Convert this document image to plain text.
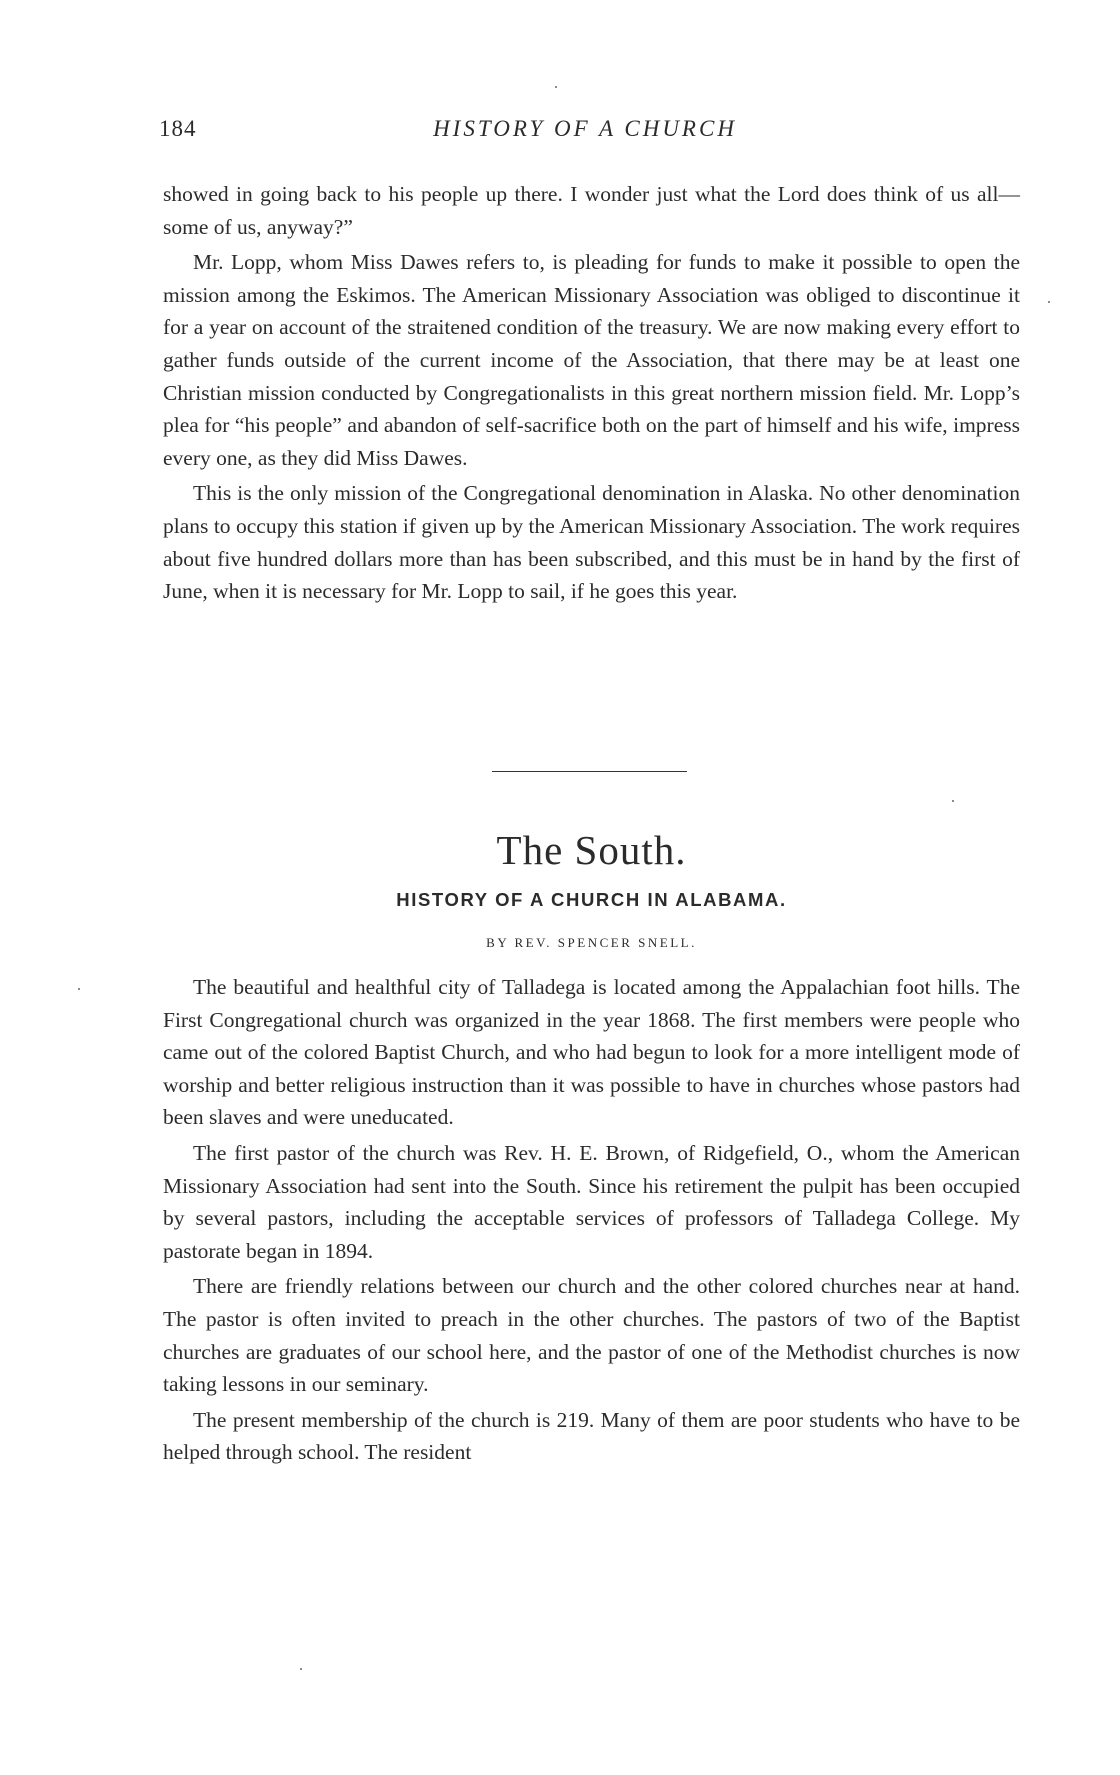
184	HISTORY OF A CHURCH

showed in going back to his people up there. I wonder just what the Lord does think of us all—some of us, anyway?”

Mr. Lopp, whom Miss Dawes refers to, is pleading for funds to make it possible to open the mission among the Eskimos. The American Missionary Association was obliged to discontinue it for a year on account of the straitened condition of the treasury. We are now making every effort to gather funds outside of the current income of the Association, that there may be at least one Christian mission conducted by Congregationalists in this great northern mission field. Mr. Lopp’s plea for “his people” and abandon of self-sacrifice both on the part of himself and his wife, impress every one, as they did Miss Dawes.

This is the only mission of the Congregational denomination in Alaska. No other denomination plans to occupy this station if given up by the American Missionary Association. The work requires about five hundred dollars more than has been subscribed, and this must be in hand by the first of June, when it is necessary for Mr. Lopp to sail, if he goes this year.

The South.
HISTORY OF A CHURCH IN ALABAMA.
BY REV. SPENCER SNELL.

The beautiful and healthful city of Talladega is located among the Appalachian foot hills. The First Congregational church was organized in the year 1868. The first members were people who came out of the colored Baptist Church, and who had begun to look for a more intelligent mode of worship and better religious instruction than it was possible to have in churches whose pastors had been slaves and were uneducated.

The first pastor of the church was Rev. H. E. Brown, of Ridgefield, O., whom the American Missionary Association had sent into the South. Since his retirement the pulpit has been occupied by several pastors, including the acceptable services of professors of Talladega College. My pastorate began in 1894.

There are friendly relations between our church and the other colored churches near at hand. The pastor is often invited to preach in the other churches. The pastors of two of the Baptist churches are graduates of our school here, and the pastor of one of the Methodist churches is now taking lessons in our seminary.

The present membership of the church is 219. Many of them are poor students who have to be helped through school. The resident
